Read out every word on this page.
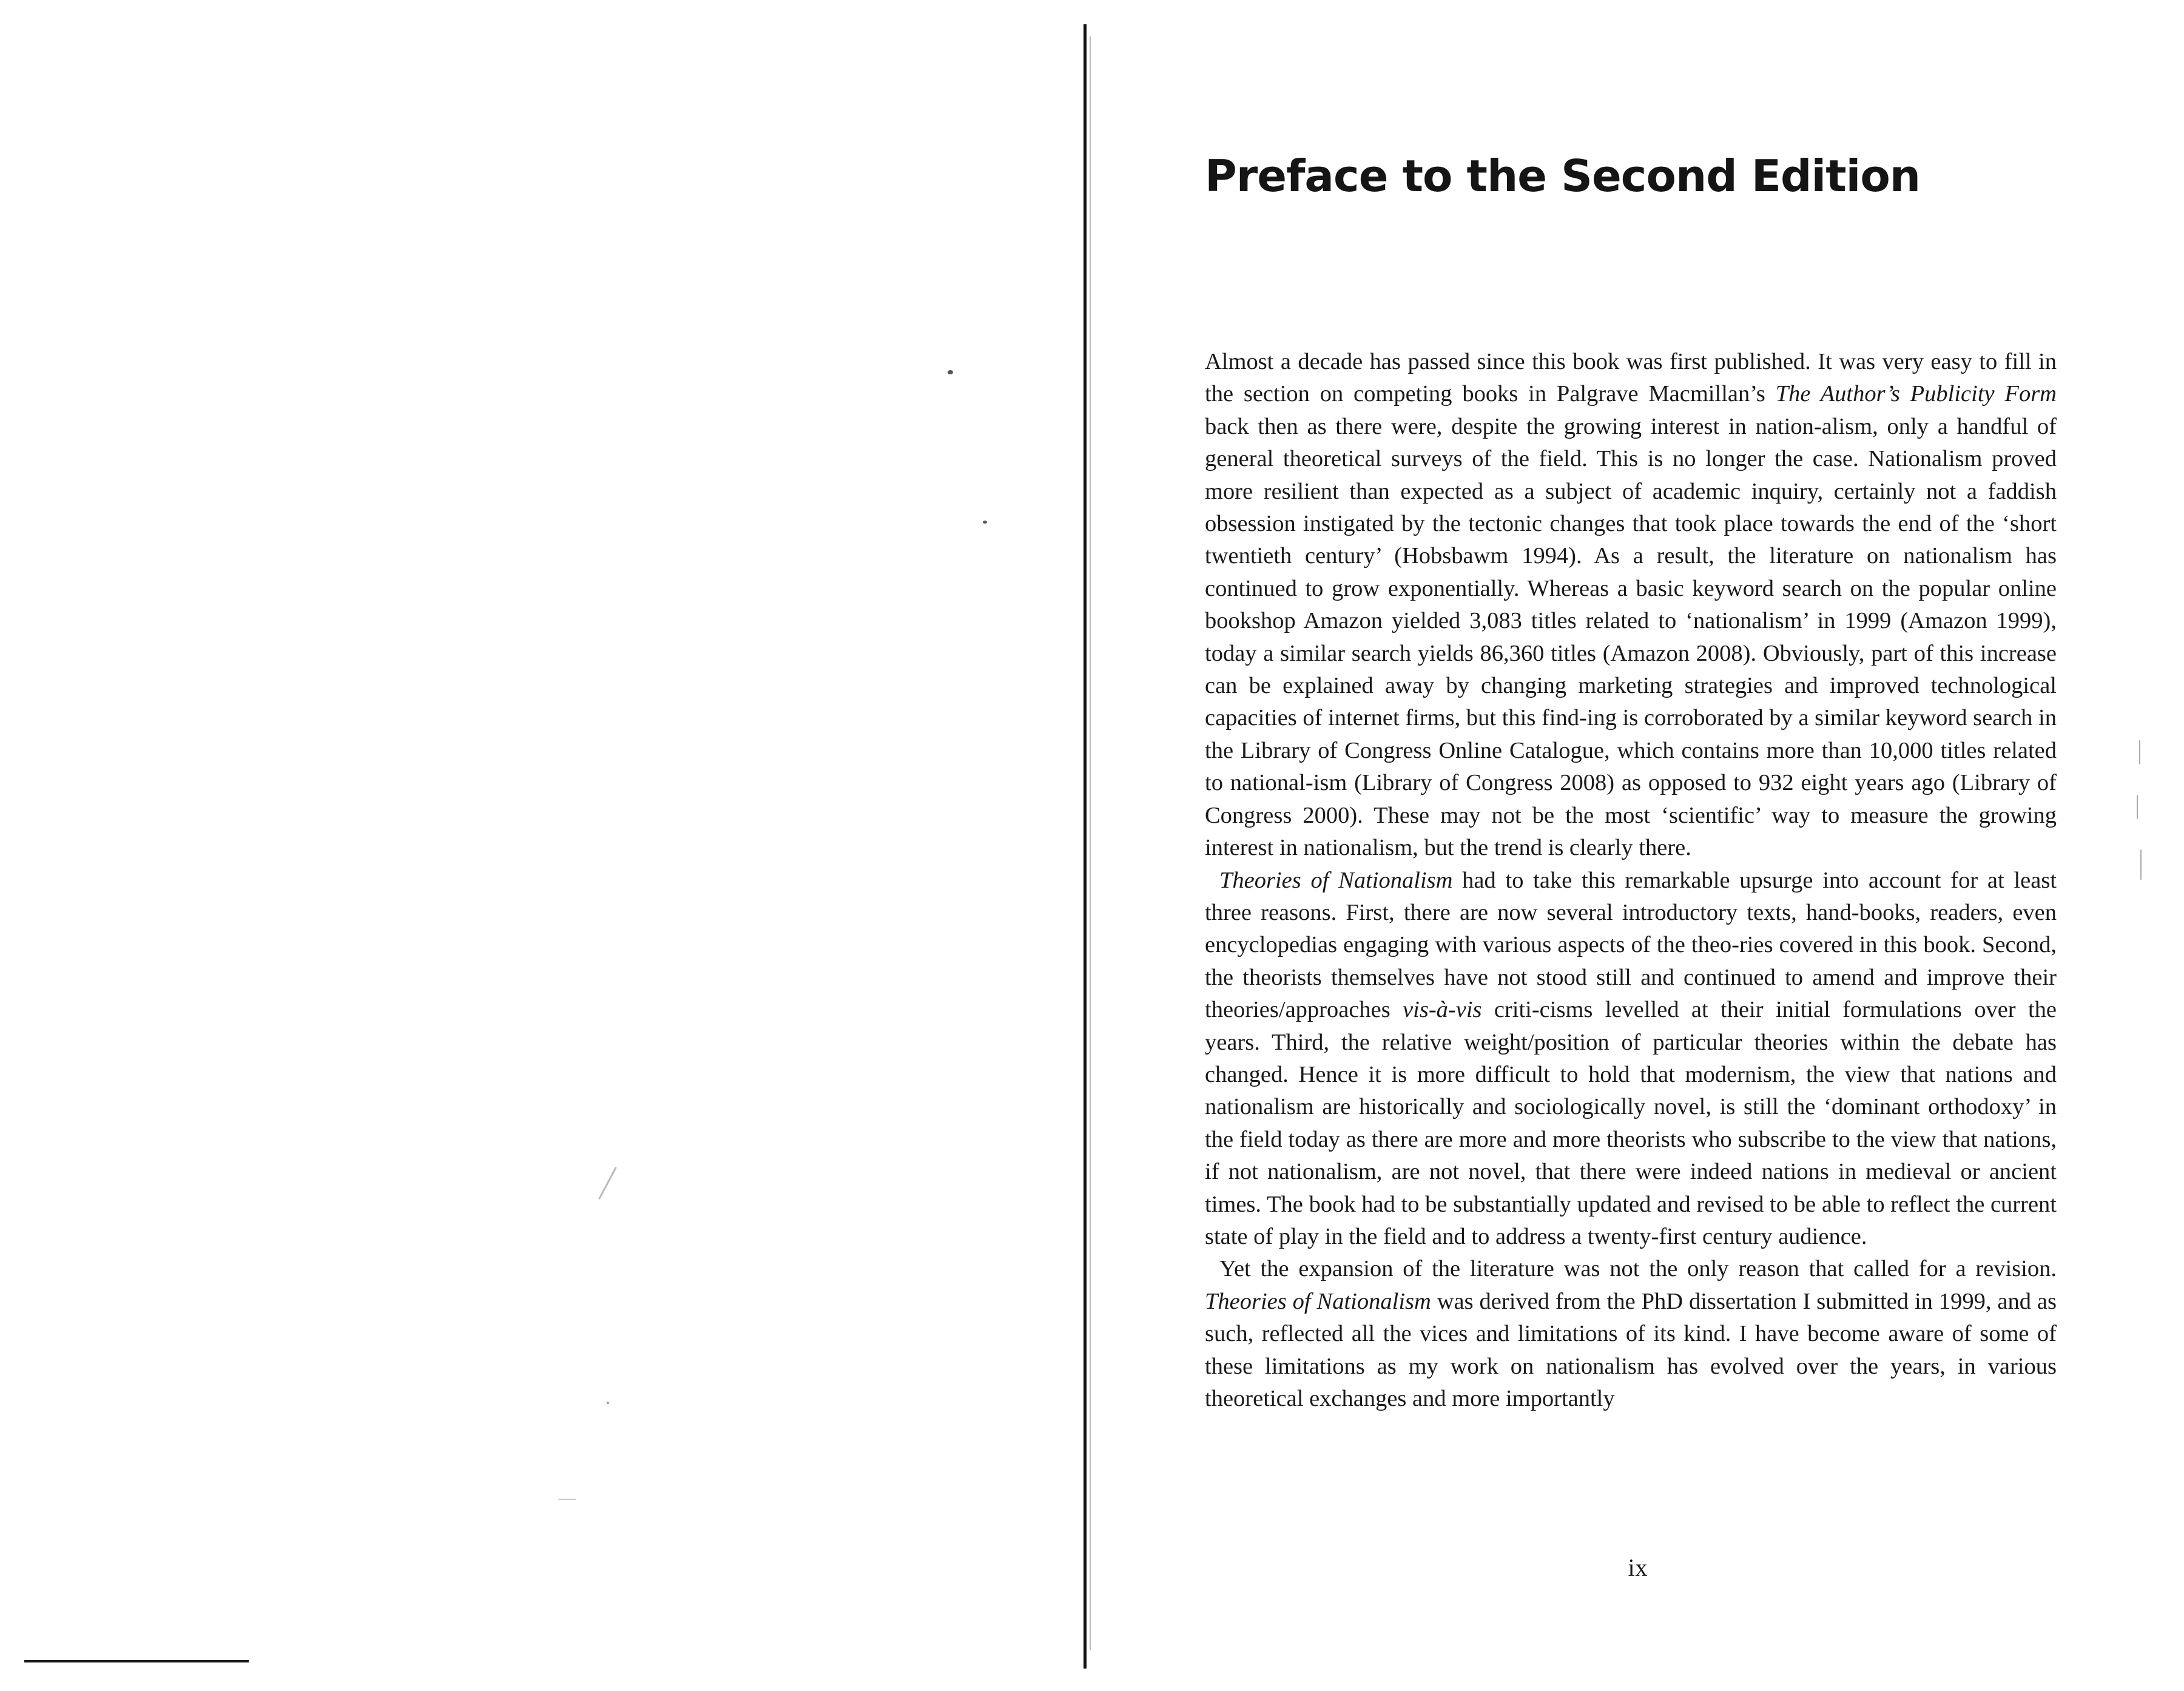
Preface to the Second Edition

Almost a decade has passed since this book was first published. It was very easy to fill in the section on competing books in Palgrave Macmillan’s The Author’s Publicity Form back then as there were, despite the growing interest in nation-alism, only a handful of general theoretical surveys of the field. This is no longer the case. Nationalism proved more resilient than expected as a subject of academic inquiry, certainly not a faddish obsession instigated by the tectonic changes that took place towards the end of the ‘short twentieth century’ (Hobsbawm 1994). As a result, the literature on nationalism has continued to grow exponentially. Whereas a basic keyword search on the popular online bookshop Amazon yielded 3,083 titles related to ‘nationalism’ in 1999 (Amazon 1999), today a similar search yields 86,360 titles (Amazon 2008). Obviously, part of this increase can be explained away by changing marketing strategies and improved technological capacities of internet firms, but this find-ing is corroborated by a similar keyword search in the Library of Congress Online Catalogue, which contains more than 10,000 titles related to national-ism (Library of Congress 2008) as opposed to 932 eight years ago (Library of Congress 2000). These may not be the most ‘scientific’ way to measure the growing interest in nationalism, but the trend is clearly there.

Theories of Nationalism had to take this remarkable upsurge into account for at least three reasons. First, there are now several introductory texts, hand-books, readers, even encyclopedias engaging with various aspects of the theo-ries covered in this book. Second, the theorists themselves have not stood still and continued to amend and improve their theories/approaches vis-à-vis criti-cisms levelled at their initial formulations over the years. Third, the relative weight/position of particular theories within the debate has changed. Hence it is more difficult to hold that modernism, the view that nations and nationalism are historically and sociologically novel, is still the ‘dominant orthodoxy’ in the field today as there are more and more theorists who subscribe to the view that nations, if not nationalism, are not novel, that there were indeed nations in medieval or ancient times. The book had to be substantially updated and revised to be able to reflect the current state of play in the field and to address a twenty-first century audience.

Yet the expansion of the literature was not the only reason that called for a revision. Theories of Nationalism was derived from the PhD dissertation I submitted in 1999, and as such, reflected all the vices and limitations of its kind. I have become aware of some of these limitations as my work on nationalism has evolved over the years, in various theoretical exchanges and more importantly

ix
